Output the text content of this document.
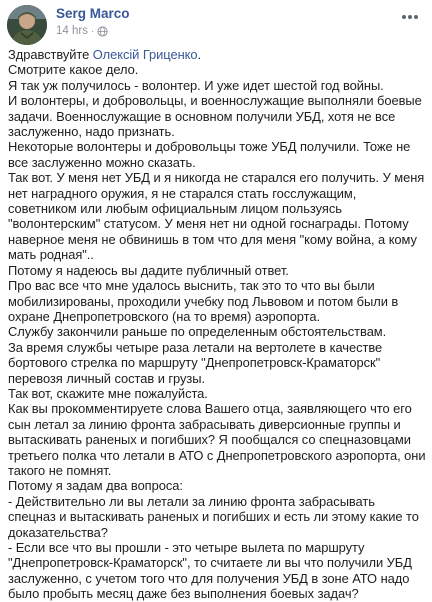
Serg Marco
14 hrs ·

Здравствуйте Олексій Гриценко.

Смотрите какое дело.

Я так уж получилось - волонтер. И уже идет шестой год войны.

И волонтеры, и добровольцы, и военнослужащие выполняли боевые задачи. Военнослужащие в основном получили УБД, хотя не все заслуженно, надо признать.

Некоторые волонтеры и добровольцы тоже УБД получили. Тоже не все заслуженно можно сказать.

Так вот. У меня нет УБД и я никогда не старался его получить. У меня нет наградного оружия, я не старался стать госслужащим, советником или любым официальным лицом пользуясь "волонтерским" статусом. У меня нет ни одной госнаграды. Потому наверное меня не обвинишь в том что для меня "кому война, а кому мать родная"..

Потому я надеюсь вы дадите публичный ответ.

Про вас все что мне удалось выснить, так это то что вы были мобилизированы, проходили учебку под Львовом и потом были в охране Днепропетровского (на то время) аэропорта.

Службу закончили раньше по определенным обстоятельствам.

За время службы четыре раза летали на вертолете в качестве бортового стрелка по маршруту "Днепропетровск-Краматорск" перевозя личный состав и грузы.

Так вот, скажите мне пожалуйста.

Как вы прокомментируете слова Вашего отца, заявляющего что его сын летал за линию фронта забрасывать диверсионные группы и вытаскивать раненых и погибших? Я пообщался со спецназовцами третьего полка что летали в АТО с Днепропетровского аэропорта, они такого не помнят.

Потому я задам два вопроса:

- Действительно ли вы летали за линию фронта забрасывать спецназ и вытаскивать раненых и погибших и есть ли этому какие то доказательства?

- Если все что вы прошли - это четыре вылета по маршруту "Днепропетровск-Краматорск", то считаете ли вы что получили УБД заслуженно, с учетом того что для получения УБД в зоне АТО надо было пробыть месяц даже без выполнения боевых задач?
